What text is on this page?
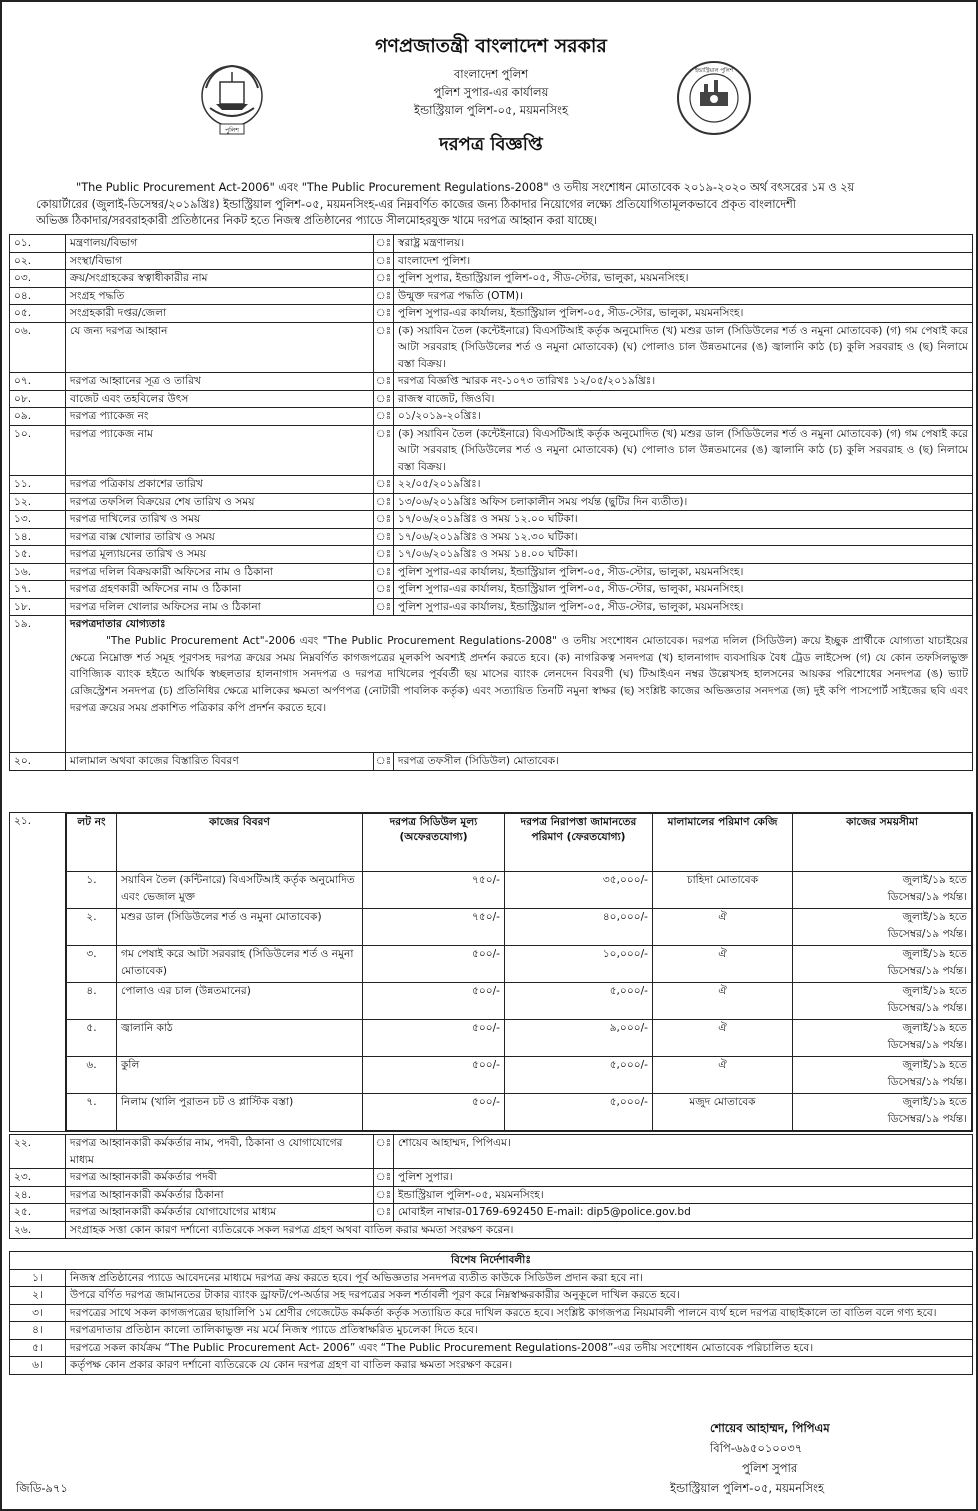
পুলিশ
গণপ্রজাতন্ত্রী বাংলাদেশ সরকার
বাংলাদেশ পুলিশ
পুলিশ সুপার-এর কার্যালয়
ইন্ডাস্ট্রিয়াল পুলিশ-০৫, ময়মনসিংহ
দরপত্র বিজ্ঞপ্তি
ইন্ডাস্ট্রিয়াল পুলিশ
"The Public Procurement Act-2006" এবং "The Public Procurement Regulations-2008" ও তদীয় সংশোধন মোতাবেক ২০১৯-২০২০ অর্থ বৎসরের ১ম ও ২য়
কোয়ার্টারের (জুলাই-ডিসেম্বর/২০১৯খ্রিঃ) ইন্ডাস্ট্রিয়াল পুলিশ-০৫, ময়মনসিংহ-এর নিম্নবর্ণিত কাজের জন্য ঠিকাদার নিয়োগের লক্ষ্যে প্রতিযোগিতামূলকভাবে প্রকৃত বাংলাদেশী
অভিজ্ঞ ঠিকাদার/সরবরাহকারী প্রতিষ্ঠানের নিকট হতে নিজস্ব প্রতিষ্ঠানের প্যাডে সীলমোহরযুক্ত খামে দরপত্র আহ্বান করা যাচ্ছে।
০১.	মন্ত্রণালয়/বিভাগ	ঃ	স্বরাষ্ট্র মন্ত্রণালয়।
০২.	সংস্থা/বিভাগ	ঃ	বাংলাদেশ পুলিশ।
০৩.	ক্রয়/সংগ্রাহকের স্বত্বাধীকারীর নাম	ঃ	পুলিশ সুপার, ইন্ডাস্ট্রিয়াল পুলিশ-০৫, সীড-স্টোর, ভালুকা, ময়মনসিংহ।
০৪.	সংগ্রহ পদ্ধতি	ঃ	উন্মুক্ত দরপত্র পদ্ধতি (OTM)।
০৫.	সংগ্রহকারী দপ্তর/জেলা	ঃ	পুলিশ সুপার-এর কার্যালয়, ইন্ডাস্ট্রিয়াল পুলিশ-০৫, সীড-স্টোর, ভালুকা, ময়মনসিংহ।
০৬.	যে জন্য দরপত্র আহ্বান	ঃ	(ক) সয়াবিন তৈল (কন্টেইনারে) বিএসটিআই কর্তৃক অনুমোদিত (খ) মশুর ডাল (সিডিউলের শর্ত ও নমুনা মোতাবেক) (গ) গম পেষাই করে আটা সরবরাহ (সিডিউলের শর্ত ও নমুনা মোতাবেক) (ঘ) পোলাও চাল উন্নতমানের (ঙ) জ্বালানি কাঠ (চ) কুলি সরবরাহ ও (ছ) নিলামে বস্তা বিক্রয়।
০৭.	দরপত্র আহ্বানের সূত্র ও তারিখ	ঃ	দরপত্র বিজ্ঞপ্তি স্মারক নং-১০৭৩ তারিখঃ ১২/০৫/২০১৯খ্রিঃ।
০৮.	বাজেট এবং তহবিলের উৎস	ঃ	রাজস্ব বাজেট, জিওবি।
০৯.	দরপত্র প্যাকেজ নং	ঃ	০১/২০১৯-২০খ্রিঃ।
১০.	দরপত্র প্যাকেজ নাম	ঃ	(ক) সয়াবিন তৈল (কন্টেইনারে) বিএসটিআই কর্তৃক অনুমোদিত (খ) মশুর ডাল (সিডিউলের শর্ত ও নমুনা মোতাবেক) (গ) গম পেষাই করে আটা সরবরাহ (সিডিউলের শর্ত ও নমুনা মোতাবেক) (ঘ) পোলাও চাল উন্নতমানের (ঙ) জ্বালানি কাঠ (চ) কুলি সরবরাহ ও (ছ) নিলামে বস্তা বিক্রয়।
১১.	দরপত্র পত্রিকায় প্রকাশের তারিখ	ঃ	২২/০৫/২০১৯খ্রিঃ।
১২.	দরপত্র তফসিল বিক্রয়ের শেষ তারিখ ও সময়	ঃ	১৩/০৬/২০১৯খ্রিঃ অফিস চলাকালীন সময় পর্যন্ত (ছুটির দিন ব্যতীত)।
১৩.	দরপত্র দাখিলের তারিখ ও সময়	ঃ	১৭/০৬/২০১৯খ্রিঃ ও সময় ১২.০০ ঘটিকা।
১৪.	দরপত্র বাক্স খোলার তারিখ ও সময়	ঃ	১৭/০৬/২০১৯খ্রিঃ ও সময় ১২.৩০ ঘটিকা।
১৫.	দরপত্র মূল্যায়নের তারিখ ও সময়	ঃ	১৭/০৬/২০১৯খ্রিঃ ও সময় ১৪.০০ ঘটিকা।
১৬.	দরপত্র দলিল বিক্রয়কারী অফিসের নাম ও ঠিকানা	ঃ	পুলিশ সুপার-এর কার্যালয়, ইন্ডাস্ট্রিয়াল পুলিশ-০৫, সীড-স্টোর, ভালুকা, ময়মনসিংহ।
১৭.	দরপত্র গ্রহণকারী অফিসের নাম ও ঠিকানা	ঃ	পুলিশ সুপার-এর কার্যালয়, ইন্ডাস্ট্রিয়াল পুলিশ-০৫, সীড-স্টোর, ভালুকা, ময়মনসিংহ।
১৮.	দরপত্র দলিল খোলার অফিসের নাম ও ঠিকানা	ঃ	পুলিশ সুপার-এর কার্যালয়, ইন্ডাস্ট্রিয়াল পুলিশ-০৫, সীড-স্টোর, ভালুকা, ময়মনসিংহ।
১৯.	দরপত্রদাতার যোগ্যতাঃ
"The Public Procurement Act"-2006 এবং "The Public Procurement Regulations-2008" ও তদীয় সংশোধন মোতাবেক। দরপত্র দলিল (সিডিউল) ক্রয়ে ইচ্ছুক প্রার্থীকে যোগ্যতা যাচাইয়ের ক্ষেত্রে নিম্নোক্ত শর্ত সমূহ পূরণসহ দরপত্র ক্রয়ের সময় নিম্নবর্ণিত কাগজপত্রের মূলকপি অবশ্যই প্রদর্শন করতে হবে। (ক) নাগরিকত্ব সনদপত্র (খ) হালনাগাদ ব্যবসায়িক বৈধ ট্রেড লাইসেন্স (গ) যে কোন তফসিলভুক্ত বাণিজ্যিক ব্যাংক হইতে আর্থিক স্বচ্ছলতার হালনাগাদ সনদপত্র ও দরপত্র দাখিলের পূর্ববর্তী ছয় মাসের ব্যাংক লেনদেন বিবরণী (ঘ) টিআইএন নম্বর উল্লেখসহ হালসনের আয়কর পরিশোধের সনদপত্র (ঙ) ভ্যাট রেজিস্ট্রেশন সনদপত্র (চ) প্রতিনিধির ক্ষেত্রে মালিকের ক্ষমতা অর্পণপত্র (নোটারী পাবলিক কর্তৃক) এবং সত্যায়িত তিনটি নমুনা স্বাক্ষর (ছ) সংশ্লিষ্ট কাজের অভিজ্ঞতার সনদপত্র (জ) দুই কপি পাসপোর্ট সাইজের ছবি এবং দরপত্র ক্রয়ের সময় প্রকাশিত পত্রিকার কপি প্রদর্শন করতে হবে।		

২০.	মালামাল অথবা কাজের বিস্তারিত বিবরণ	ঃ	দরপত্র তফসীল (সিডিউল) মোতাবেক।
২১.		লট নং	কাজের বিবরণ	দরপত্র সিডিউল মূল্য (অফেরতযোগ্য)	দরপত্র নিরাপত্তা জামানতের পরিমাণ (ফেরতযোগ্য)	মালামালের পরিমাণ কেজি	কাজের সময়সীমা
১.	সয়াবিন তৈল (কন্টিনারে) বিএসটিআই কর্তৃক অনুমোদিত এবং ভেজাল মুক্ত	৭৫০/-	৩৫,০০০/-	চাহিদা মোতাবেক	জুলাই/১৯ হতে
ডিসেম্বর/১৯ পর্যন্ত।

২.	মশুর ডাল (সিডিউলের শর্ত ও নমুনা মোতাবেক)	৭৫০/-	৪০,০০০/-	ঐ	জুলাই/১৯ হতে
ডিসেম্বর/১৯ পর্যন্ত।

৩.	গম পেষাই করে আটা সরবরাহ (সিডিউলের শর্ত ও নমুনা মোতাবেক)	৫০০/-	১০,০০০/-	ঐ	জুলাই/১৯ হতে
ডিসেম্বর/১৯ পর্যন্ত।

৪.	পোলাও এর চাল (উন্নতমানের)	৫০০/-	৫,০০০/-	ঐ	জুলাই/১৯ হতে
ডিসেম্বর/১৯ পর্যন্ত।

৫.	জ্বালানি কাঠ	৫০০/-	৯,০০০/-	ঐ	জুলাই/১৯ হতে
ডিসেম্বর/১৯ পর্যন্ত।

৬.	কুলি	৫০০/-	৫,০০০/-	ঐ	জুলাই/১৯ হতে
ডিসেম্বর/১৯ পর্যন্ত।

৭.	নিলাম (খালি পুরাতন চট ও প্লাস্টিক বস্তা)	৫০০/-	৫,০০০/-	মজুদ মোতাবেক	জুলাই/১৯ হতে
ডিসেম্বর/১৯ পর্যন্ত।
২২.	দরপত্র আহ্বানকারী কর্মকর্তার নাম, পদবী, ঠিকানা ও যোগাযোগের মাধ্যম	ঃ	শোয়েব আহাম্মদ, পিপিএম।
২৩.	দরপত্র আহ্বানকারী কর্মকর্তার পদবী	ঃ	পুলিশ সুপার।
২৪.	দরপত্র আহ্বানকারী কর্মকর্তার ঠিকানা	ঃ	ইন্ডাস্ট্রিয়াল পুলিশ-০৫, ময়মনসিংহ।
২৫.	দরপত্র আহ্বানকারী কর্মকর্তার যোগাযোগের মাধ্যম	ঃ	মোবাইল নাম্বার-01769-692450 E-mail: dip5@police.gov.bd
২৬.	সংগ্রাহক সত্তা কোন কারণ দর্শানো ব্যতিরেকে সকল দরপত্র গ্রহণ অথবা বাতিল করার ক্ষমতা সংরক্ষণ করেন।		
বিশেষ নির্দেশাবলীঃ	
১।	নিজস্ব প্রতিষ্ঠানের প্যাডে আবেদনের মাধ্যমে দরপত্র ক্রয় করতে হবে। পূর্ব অভিজ্ঞতার সনদপত্র ব্যতীত কাউকে সিডিউল প্রদান করা হবে না।
২।	উপরে বর্ণিত দরপত্র জামানতের টাকার ব্যাংক ড্রাফট/পে-অর্ডার সহ দরপত্রের সকল শর্তাবলী পূরণ করে নিম্নস্বাক্ষরকারীর অনুকূলে দাখিল করতে হবে।
৩।	দরপত্রের সাথে সকল কাগজপত্রের ছায়ালিপি ১ম শ্রেণীর গেজেটেড কর্মকর্তা কর্তৃক সত্যায়িত করে দাখিল করতে হবে। সংশ্লিষ্ট কাগজপত্র নিয়মাবলী পালনে ব্যর্থ হলে দরপত্র বাছাইকালে তা বাতিল বলে গণ্য হবে।
৪।	দরপত্রদাতার প্রতিষ্ঠান কালো তালিকাভুক্ত নয় মর্মে নিজস্ব প্যাডে প্রতিস্বাক্ষরিত মুচলেকা দিতে হবে।
৫।	দরপত্রে সকল কার্যক্রম “The Public Procurement Act- 2006” এবং “The Public Procurement Regulations-2008”-এর তদীয় সংশোধন মোতাবেক পরিচালিত হবে।
৬।	কর্তৃপক্ষ কোন প্রকার কারণ দর্শানো ব্যতিরেকে যে কোন দরপত্র গ্রহণ বা বাতিল করার ক্ষমতা সংরক্ষণ করেন।
শোয়েব আহাম্মদ, পিপিএম
বিপি-৬৯৫০১০০৩৭
পুলিশ সুপার
ইন্ডাস্ট্রিয়াল পুলিশ-০৫, ময়মনসিংহ
জিডি-৯৭১
